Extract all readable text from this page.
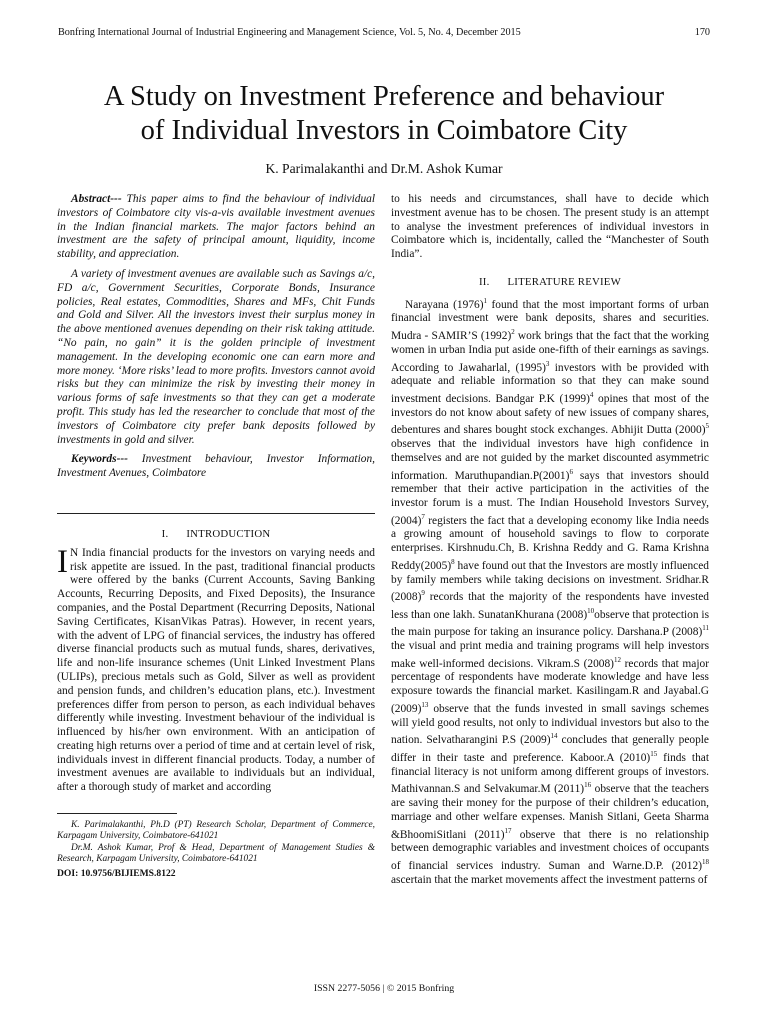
Bonfring International Journal of Industrial Engineering and Management Science, Vol. 5, No. 4, December 2015	170
A Study on Investment Preference and behaviour
of Individual Investors in Coimbatore City
K. Parimalakanthi and Dr.M. Ashok Kumar

Abstract--- This paper aims to find the behaviour of individual investors of Coimbatore city vis-a-vis available investment avenues in the Indian financial markets. The major factors behind an investment are the safety of principal amount, liquidity, income stability, and appreciation.

A variety of investment avenues are available such as Savings a/c, FD a/c, Government Securities, Corporate Bonds, Insurance policies, Real estates, Commodities, Shares and MFs, Chit Funds and Gold and Silver. All the investors invest their surplus money in the above mentioned avenues depending on their risk taking attitude. “No pain, no gain” it is the golden principle of investment management. In the developing economic one can earn more and more money. ‘More risks’ lead to more profits. Investors cannot avoid risks but they can minimize the risk by investing their money in various forms of safe investments so that they can get a moderate profit. This study has led the researcher to conclude that most of the investors of Coimbatore city prefer bank deposits followed by investments in gold and silver.

Keywords--- Investment behaviour, Investor Information, Investment Avenues, Coimbatore

I. INTRODUCTION

I N India financial products for the investors on varying needs and risk appetite are issued. In the past, traditional financial products were offered by the banks (Current Accounts, Saving Banking Accounts, Recurring Deposits, and Fixed Deposits), the Insurance companies, and the Postal Department (Recurring Deposits, National Saving Certificates, KisanVikas Patras). However, in recent years, with the advent of LPG of financial services, the industry has offered diverse financial products such as mutual funds, shares, derivatives, life and non-life insurance schemes (Unit Linked Investment Plans (ULIPs), precious metals such as Gold, Silver as well as provident and pension funds, and children’s education plans, etc.). Investment preferences differ from person to person, as each individual behaves differently while investing. Investment behaviour of the individual is influenced by his/her own environment. With an anticipation of creating high returns over a period of time and at certain level of risk, individuals invest in different financial products. Today, a number of investment avenues are available to individuals but an individual, after a thorough study of market and according

K. Parimalakanthi, Ph.D (PT) Research Scholar, Department of Commerce, Karpagam University, Coimbatore-641021

Dr.M. Ashok Kumar, Prof & Head, Department of Management Studies & Research, Karpagam University, Coimbatore-641021

DOI: 10.9756/BIJIEMS.8122

to his needs and circumstances, shall have to decide which investment avenue has to be chosen. The present study is an attempt to analyse the investment preferences of individual investors in Coimbatore which is, incidentally, called the “Manchester of South India”.

II. LITERATURE REVIEW

Narayana $(1976)^1$ found that the most important forms of urban financial investment were bank deposits, shares and securities. Mudra - SAMIR’S $(1992)^2$ work brings that the fact that the working women in urban India put aside one-fifth of their earnings as savings. According to Jawaharlal, $(1995)^3$ investors with be provided with adequate and reliable information so that they can make sound investment decisions. Bandgar P.K $(1999)^4$ opines that most of the investors do not know about safety of new issues of company shares, debentures and shares bought stock exchanges. Abhijit Dutta $(2000)^5$ observes that the individual investors have high confidence in themselves and are not guided by the market discounted asymmetric information. $Maruthupandian.P(2001)^6$ says that investors should remember that their active participation in the activities of the investor forum is a must. The Indian Household Investors Survey, $(2004)^7$ registers the fact that a developing economy like India needs a growing amount of household savings to flow to corporate enterprises. Kirshnudu.Ch, B. Krishna Reddy and G. Rama Krishna $Reddy(2005)^8$ have found out that the Investors are mostly influenced by family members while taking decisions on investment. Sridhar.R $(2008)^9$ records that the majority of the respondents have invested less than one lakh. SunatanKhurana $(2008)^{10}observe$ that protection is the main purpose for taking an insurance policy. Darshana.P $(2008)^{11}$ the visual and print media and training programs will help investors make well-informed decisions. Vikram.S $(2008)^{12}$ records that major percentage of respondents have moderate knowledge and have less exposure towards the financial market. Kasilingam.R and Jayabal.G $(2009)^{13}$ observe that the funds invested in small savings schemes will yield good results, not only to individual investors but also to the nation. Selvatharangini P.S $(2009)^{14}$ concludes that generally people differ in their taste and preference. Kaboor.A $(2010)^{15}$ finds that financial literacy is not uniform among different groups of investors. Mathivannan.S and Selvakumar.M $(2011)^{16}$ observe that the teachers are saving their money for the purpose of their children’s education, marriage and other welfare expenses. Manish Sitlani, Geeta Sharma &BhoomiSitlani $(2011)^{17}$ observe that there is no relationship between demographic variables and investment choices of occupants of financial services industry. Suman and Warne.D.P. $(2012)^{18}$ ascertain that the market movements affect the investment patterns of

ISSN 2277-5056 | © 2015 Bonfring
